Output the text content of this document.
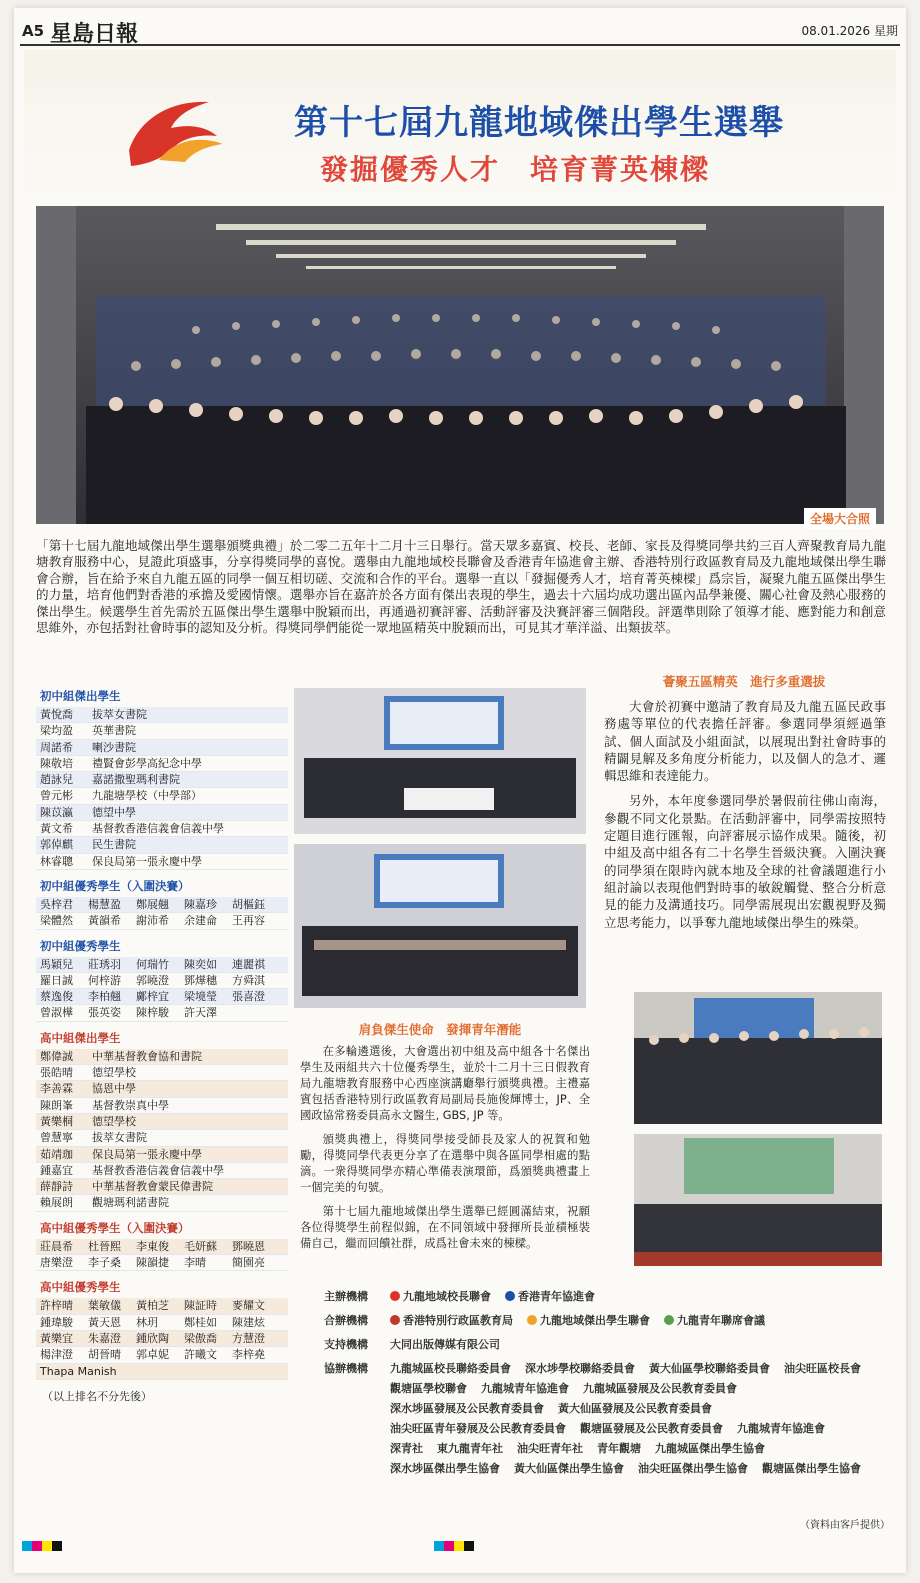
A5 星島日報	08.01.2026 星期
第十七屆九龍地域傑出學生選舉
發掘優秀人才　培育菁英棟樑
全場大合照
「第十七屆九龍地域傑出學生選舉頒獎典禮」於二零二五年十二月十三日舉行。當天眾多嘉賓、校長、老師、家長及得獎同學共約三百人齊聚教育局九龍塘教育服務中心，見證此項盛事，分享得獎同學的喜悅。選舉由九龍地域校長聯會及香港青年協進會主辦、香港特別行政區教育局及九龍地域傑出學生聯會合辦，旨在給予來自九龍五區的同學一個互相切磋、交流和合作的平台。選舉一直以「發掘優秀人才，培育菁英棟樑」爲宗旨，凝聚九龍五區傑出學生的力量，培育他們對香港的承擔及愛國情懷。選舉亦旨在嘉許於各方面有傑出表現的學生，過去十六屆均成功選出區內品學兼優、關心社會及熱心服務的傑出學生。候選學生首先需於五區傑出學生選舉中脫穎而出，再通過初賽評審、活動評審及決賽評審三個階段。評選準則除了領導才能、應對能力和創意思維外，亦包括對社會時事的認知及分析。得獎同學們能從一眾地區精英中脫穎而出，可見其才華洋溢、出類拔萃。
初中組傑出學生
黃悅喬	拔萃女書院
梁均盈	英華書院
周諾希	喇沙書院
陳敬培	禮賢會彭學高紀念中學
趙詠兒	嘉諾撒聖瑪利書院
曾元彬	九龍塘學校（中學部）
陳苡瀛	德望中學
黃文希	基督教香港信義會信義中學
郭倬麒	民生書院
林睿聰	保良局第一張永慶中學
初中組優秀學生（入圍決賽）
吳梓君	楊慧盈	鄭展翹	陳嘉珍	胡樞鈺
梁體然	黃韻希	謝沛希	余建侖	王再容
初中組優秀學生
馬穎兒	莊琇羽	何瑞竹	陳奕如	連麗祺
羅日誠	何梓游	郭曉澄	鄧燁穗	方舜淇
蔡逸俊	李柏翹	鄺梓宜	梁境瑩	張喜澄
曾淑樺	張英姿	陳梓駿	許天澤
高中組傑出學生
鄭偉誠	中華基督教會協和書院
張皓晴	德望學校
李善霖	協恩中學
陳朗峯	基督教崇真中學
黃樂桐	德望學校
曾慧寧	拔萃女書院
茹靖珈	保良局第一張永慶中學
鍾嘉宜	基督教香港信義會信義中學
薛靜詩	中華基督教會蒙民偉書院
賴展朗	觀塘瑪利諾書院
高中組優秀學生（入圍決賽）
莊晨希	杜晉熙	李東俊	毛妍蘇	鄧曉恩
唐樂澄	李子桑	陳韻捷	李晴	簡園亮
高中組優秀學生
許梓晴	葉敏儀	黃柏芝	陳証時	麥耀文
鍾瑋駿	黃天恩	林玥	鄭桂如	陳建炫
黃樂宜	朱嘉澄	鍾欣陶	梁傲喬	方慧澄
楊津澄	胡晉晴	郭卓妮	許曦文	李梓堯
Thapa Manish
（以上排名不分先後）
肩負傑生使命　發揮青年潛能

在多輪遴選後，大會選出初中組及高中組各十名傑出學生及兩組共六十位優秀學生，並於十二月十三日假教育局九龍塘教育服務中心西座演講廳舉行頒獎典禮。主禮嘉賓包括香港特別行政區教育局副局長施俊輝博士，JP、全國政協常務委員高永文醫生, GBS, JP 等。

頒獎典禮上，得獎同學接受師長及家人的祝賀和勉勵，得獎同學代表更分享了在選舉中與各區同學相處的點滴。一衆得獎同學亦精心準備表演環節，爲頒獎典禮畫上一個完美的句號。

第十七屆九龍地域傑出學生選舉已經圓滿結束，祝願各位得獎學生前程似錦，在不同領域中發揮所長並積極裝備自己，繼而回饋社群，成爲社會未來的棟樑。

薈聚五區精英　進行多重選拔

大會於初賽中邀請了教育局及九龍五區民政事務處等單位的代表擔任評審。參選同學須經過筆試、個人面試及小組面試，以展現出對社會時事的精闢見解及多角度分析能力，以及個人的急才、邏輯思維和表達能力。

另外，本年度參選同學於暑假前往佛山南海，參觀不同文化景點。在活動評審中，同學需按照特定題目進行匯報，向評審展示協作成果。隨後，初中組及高中組各有二十名學生晉級決賽。入圍決賽的同學須在限時內就本地及全球的社會議題進行小組討論以表現他們對時事的敏銳觸覺、整合分析意見的能力及溝通技巧。同學需展現出宏觀視野及獨立思考能力，以爭奪九龍地域傑出學生的殊榮。

主辦機構	九龍地域校長聯會	香港青年協進會
合辦機構	香港特別行政區教育局	九龍地域傑出學生聯會	九龍青年聯席會議
支持機構	大同出版傳媒有限公司
協辦機構	九龍城區校長聯絡委員會 深水埗學校聯絡委員會 黃大仙區學校聯絡委員會 油尖旺區校長會
觀塘區學校聯會 九龍城青年協進會 九龍城區發展及公民教育委員會
深水埗區發展及公民教育委員會 黃大仙區發展及公民教育委員會
油尖旺區青年發展及公民教育委員會 觀塘區發展及公民教育委員會 九龍城青年協進會
深青社 東九龍青年社 油尖旺青年社 青年觀塘 九龍城區傑出學生協會
深水埗區傑出學生協會 黃大仙區傑出學生協會 油尖旺區傑出學生協會 觀塘區傑出學生協會
（資料由客戶提供）
